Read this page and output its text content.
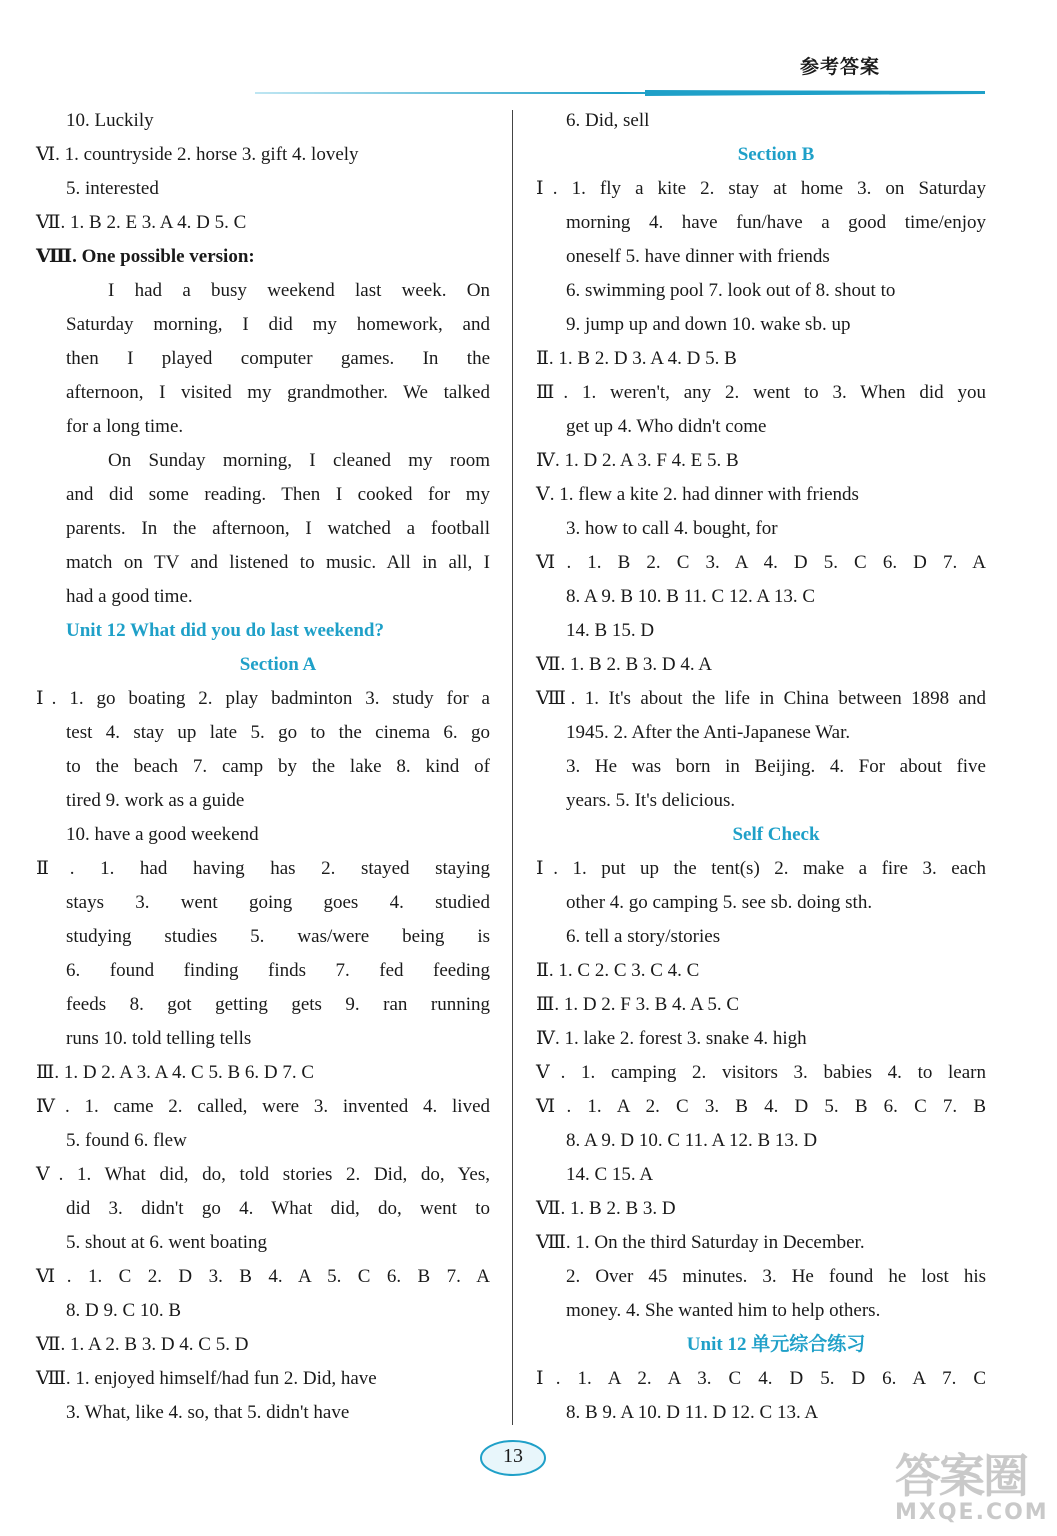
参考答案
10. Luckily
Ⅵ. 1. countryside 2. horse 3. gift 4. lovely
5. interested
Ⅶ. 1. B 2. E 3. A 4. D 5. C
Ⅷ. One possible version:
I had a busy weekend last week. On
Saturday morning, I did my homework, and
then I played computer games. In the
afternoon, I visited my grandmother. We talked
for a long time.
On Sunday morning, I cleaned my room
and did some reading. Then I cooked for my
parents. In the afternoon, I watched a football
match on TV and listened to music. All in all, I
had a good time.
Unit 12 What did you do last weekend?
Section A
Ⅰ. 1. go boating 2. play badminton 3. study for a
test 4. stay up late 5. go to the cinema 6. go
to the beach 7. camp by the lake 8. kind of
tired 9. work as a guide
10. have a good weekend
Ⅱ. 1. had having has 2. stayed staying
stays 3. went going goes 4. studied
studying studies 5. was/were being is
6. found finding finds 7. fed feeding
feeds 8. got getting gets 9. ran running
runs 10. told telling tells
Ⅲ. 1. D 2. A 3. A 4. C 5. B 6. D 7. C
Ⅳ. 1. came 2. called, were 3. invented 4. lived
5. found 6. flew
Ⅴ. 1. What did, do, told stories 2. Did, do, Yes,
did 3. didn't go 4. What did, do, went to
5. shout at 6. went boating
Ⅵ. 1. C 2. D 3. B 4. A 5. C 6. B 7. A
8. D 9. C 10. B
Ⅶ. 1. A 2. B 3. D 4. C 5. D
Ⅷ. 1. enjoyed himself/had fun 2. Did, have
3. What, like 4. so, that 5. didn't have
6. Did, sell
Section B
Ⅰ. 1. fly a kite 2. stay at home 3. on Saturday
morning 4. have fun/have a good time/enjoy
oneself 5. have dinner with friends
6. swimming pool 7. look out of 8. shout to
9. jump up and down 10. wake sb. up
Ⅱ. 1. B 2. D 3. A 4. D 5. B
Ⅲ. 1. weren't, any 2. went to 3. When did you
get up 4. Who didn't come
Ⅳ. 1. D 2. A 3. F 4. E 5. B
Ⅴ. 1. flew a kite 2. had dinner with friends
3. how to call 4. bought, for
Ⅵ. 1. B 2. C 3. A 4. D 5. C 6. D 7. A
8. A 9. B 10. B 11. C 12. A 13. C
14. B 15. D
Ⅶ. 1. B 2. B 3. D 4. A
Ⅷ. 1. It's about the life in China between 1898 and
1945. 2. After the Anti-Japanese War.
3. He was born in Beijing. 4. For about five
years. 5. It's delicious.
Self Check
Ⅰ. 1. put up the tent(s) 2. make a fire 3. each
other 4. go camping 5. see sb. doing sth.
6. tell a story/stories
Ⅱ. 1. C 2. C 3. C 4. C
Ⅲ. 1. D 2. F 3. B 4. A 5. C
Ⅳ. 1. lake 2. forest 3. snake 4. high
Ⅴ. 1. camping 2. visitors 3. babies 4. to learn
Ⅵ. 1. A 2. C 3. B 4. D 5. B 6. C 7. B
8. A 9. D 10. C 11. A 12. B 13. D
14. C 15. A
Ⅶ. 1. B 2. B 3. D
Ⅷ. 1. On the third Saturday in December.
2. Over 45 minutes. 3. He found he lost his
money. 4. She wanted him to help others.
Unit 12 单元综合练习
Ⅰ. 1. A 2. A 3. C 4. D 5. D 6. A 7. C
8. B 9. A 10. D 11. D 12. C 13. A
13	答案圈
MXQE.COM
